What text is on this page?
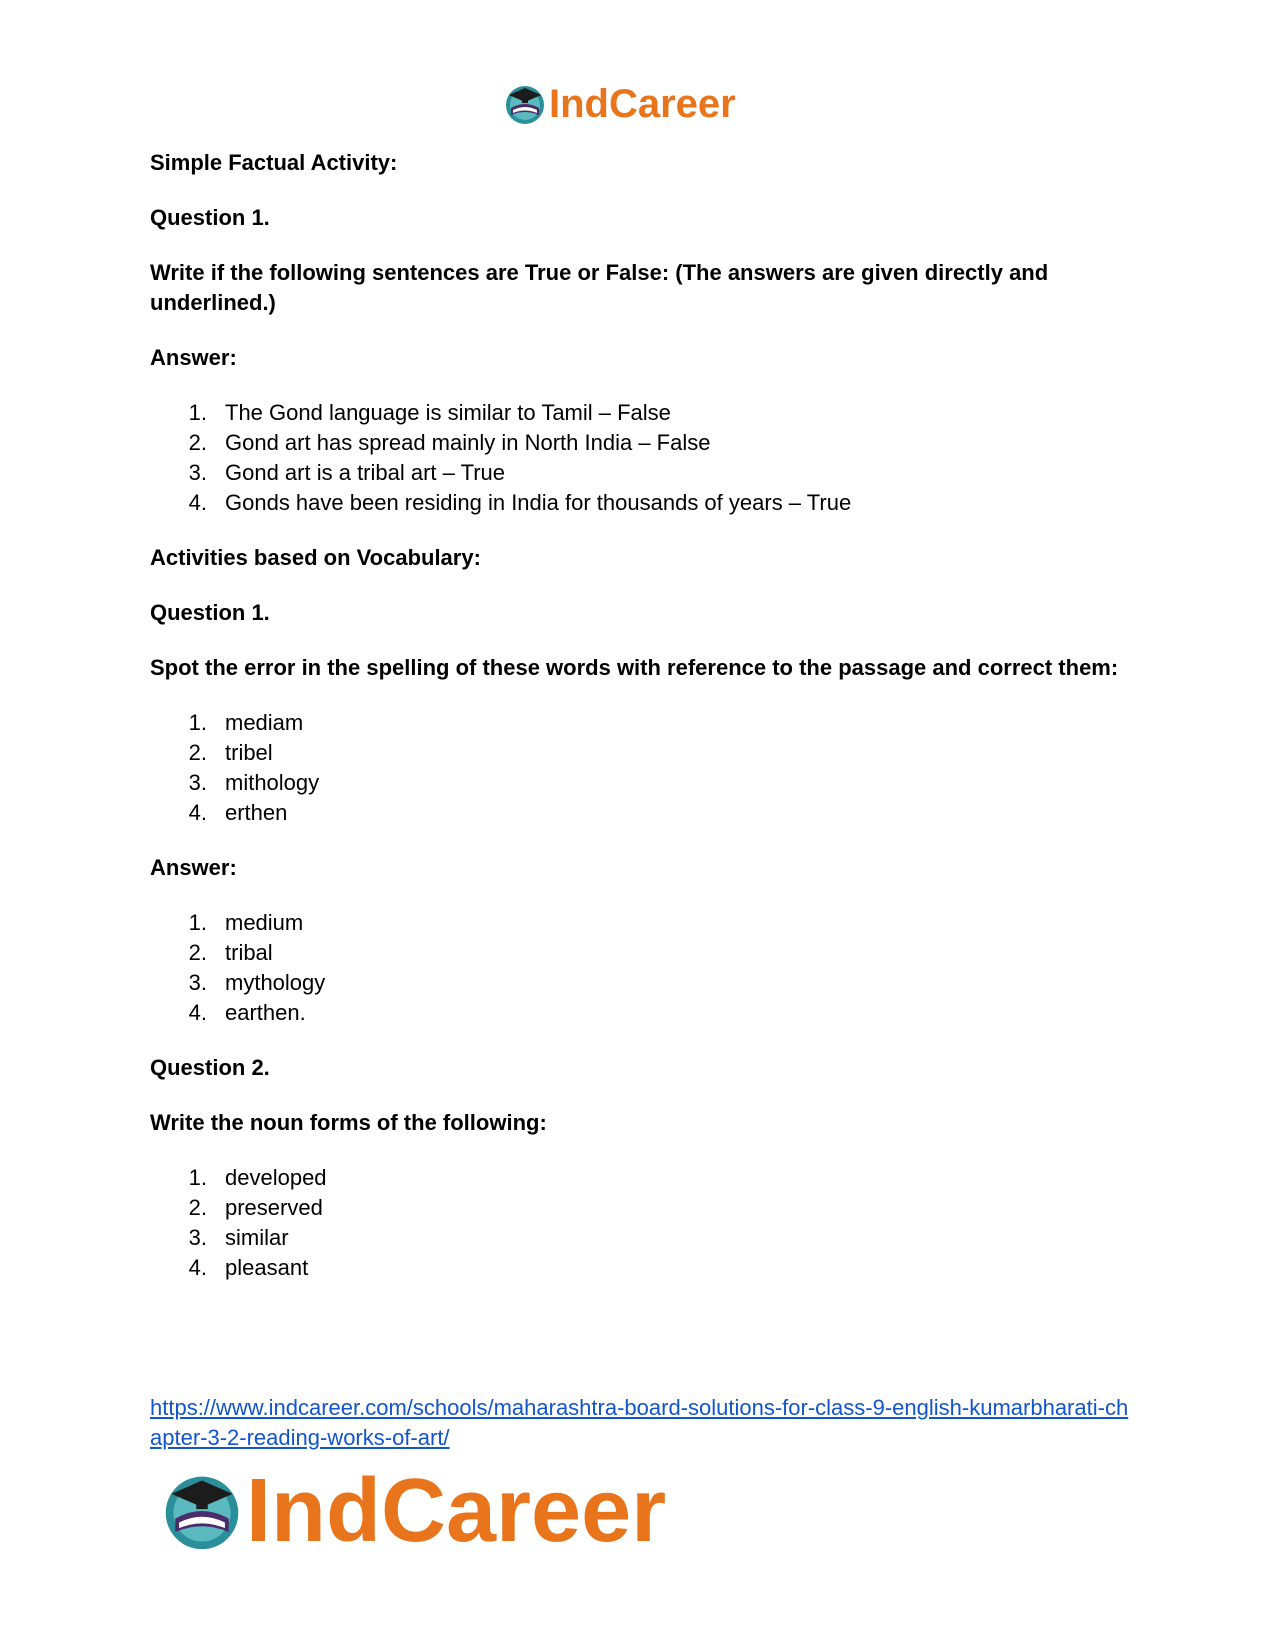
IndCareer
Simple Factual Activity:
Question 1.
Write if the following sentences are True or False: (The answers are given directly and underlined.)
Answer:
1. The Gond language is similar to Tamil – False
2. Gond art has spread mainly in North India – False
3. Gond art is a tribal art – True
4. Gonds have been residing in India for thousands of years – True
Activities based on Vocabulary:
Question 1.
Spot the error in the spelling of these words with reference to the passage and correct them:
1. mediam
2. tribel
3. mithology
4. erthen
Answer:
1. medium
2. tribal
3. mythology
4. earthen.
Question 2.
Write the noun forms of the following:
1. developed
2. preserved
3. similar
4. pleasant
https://www.indcareer.com/schools/maharashtra-board-solutions-for-class-9-english-kumarbharati-chapter-3-2-reading-works-of-art/
IndCareer
